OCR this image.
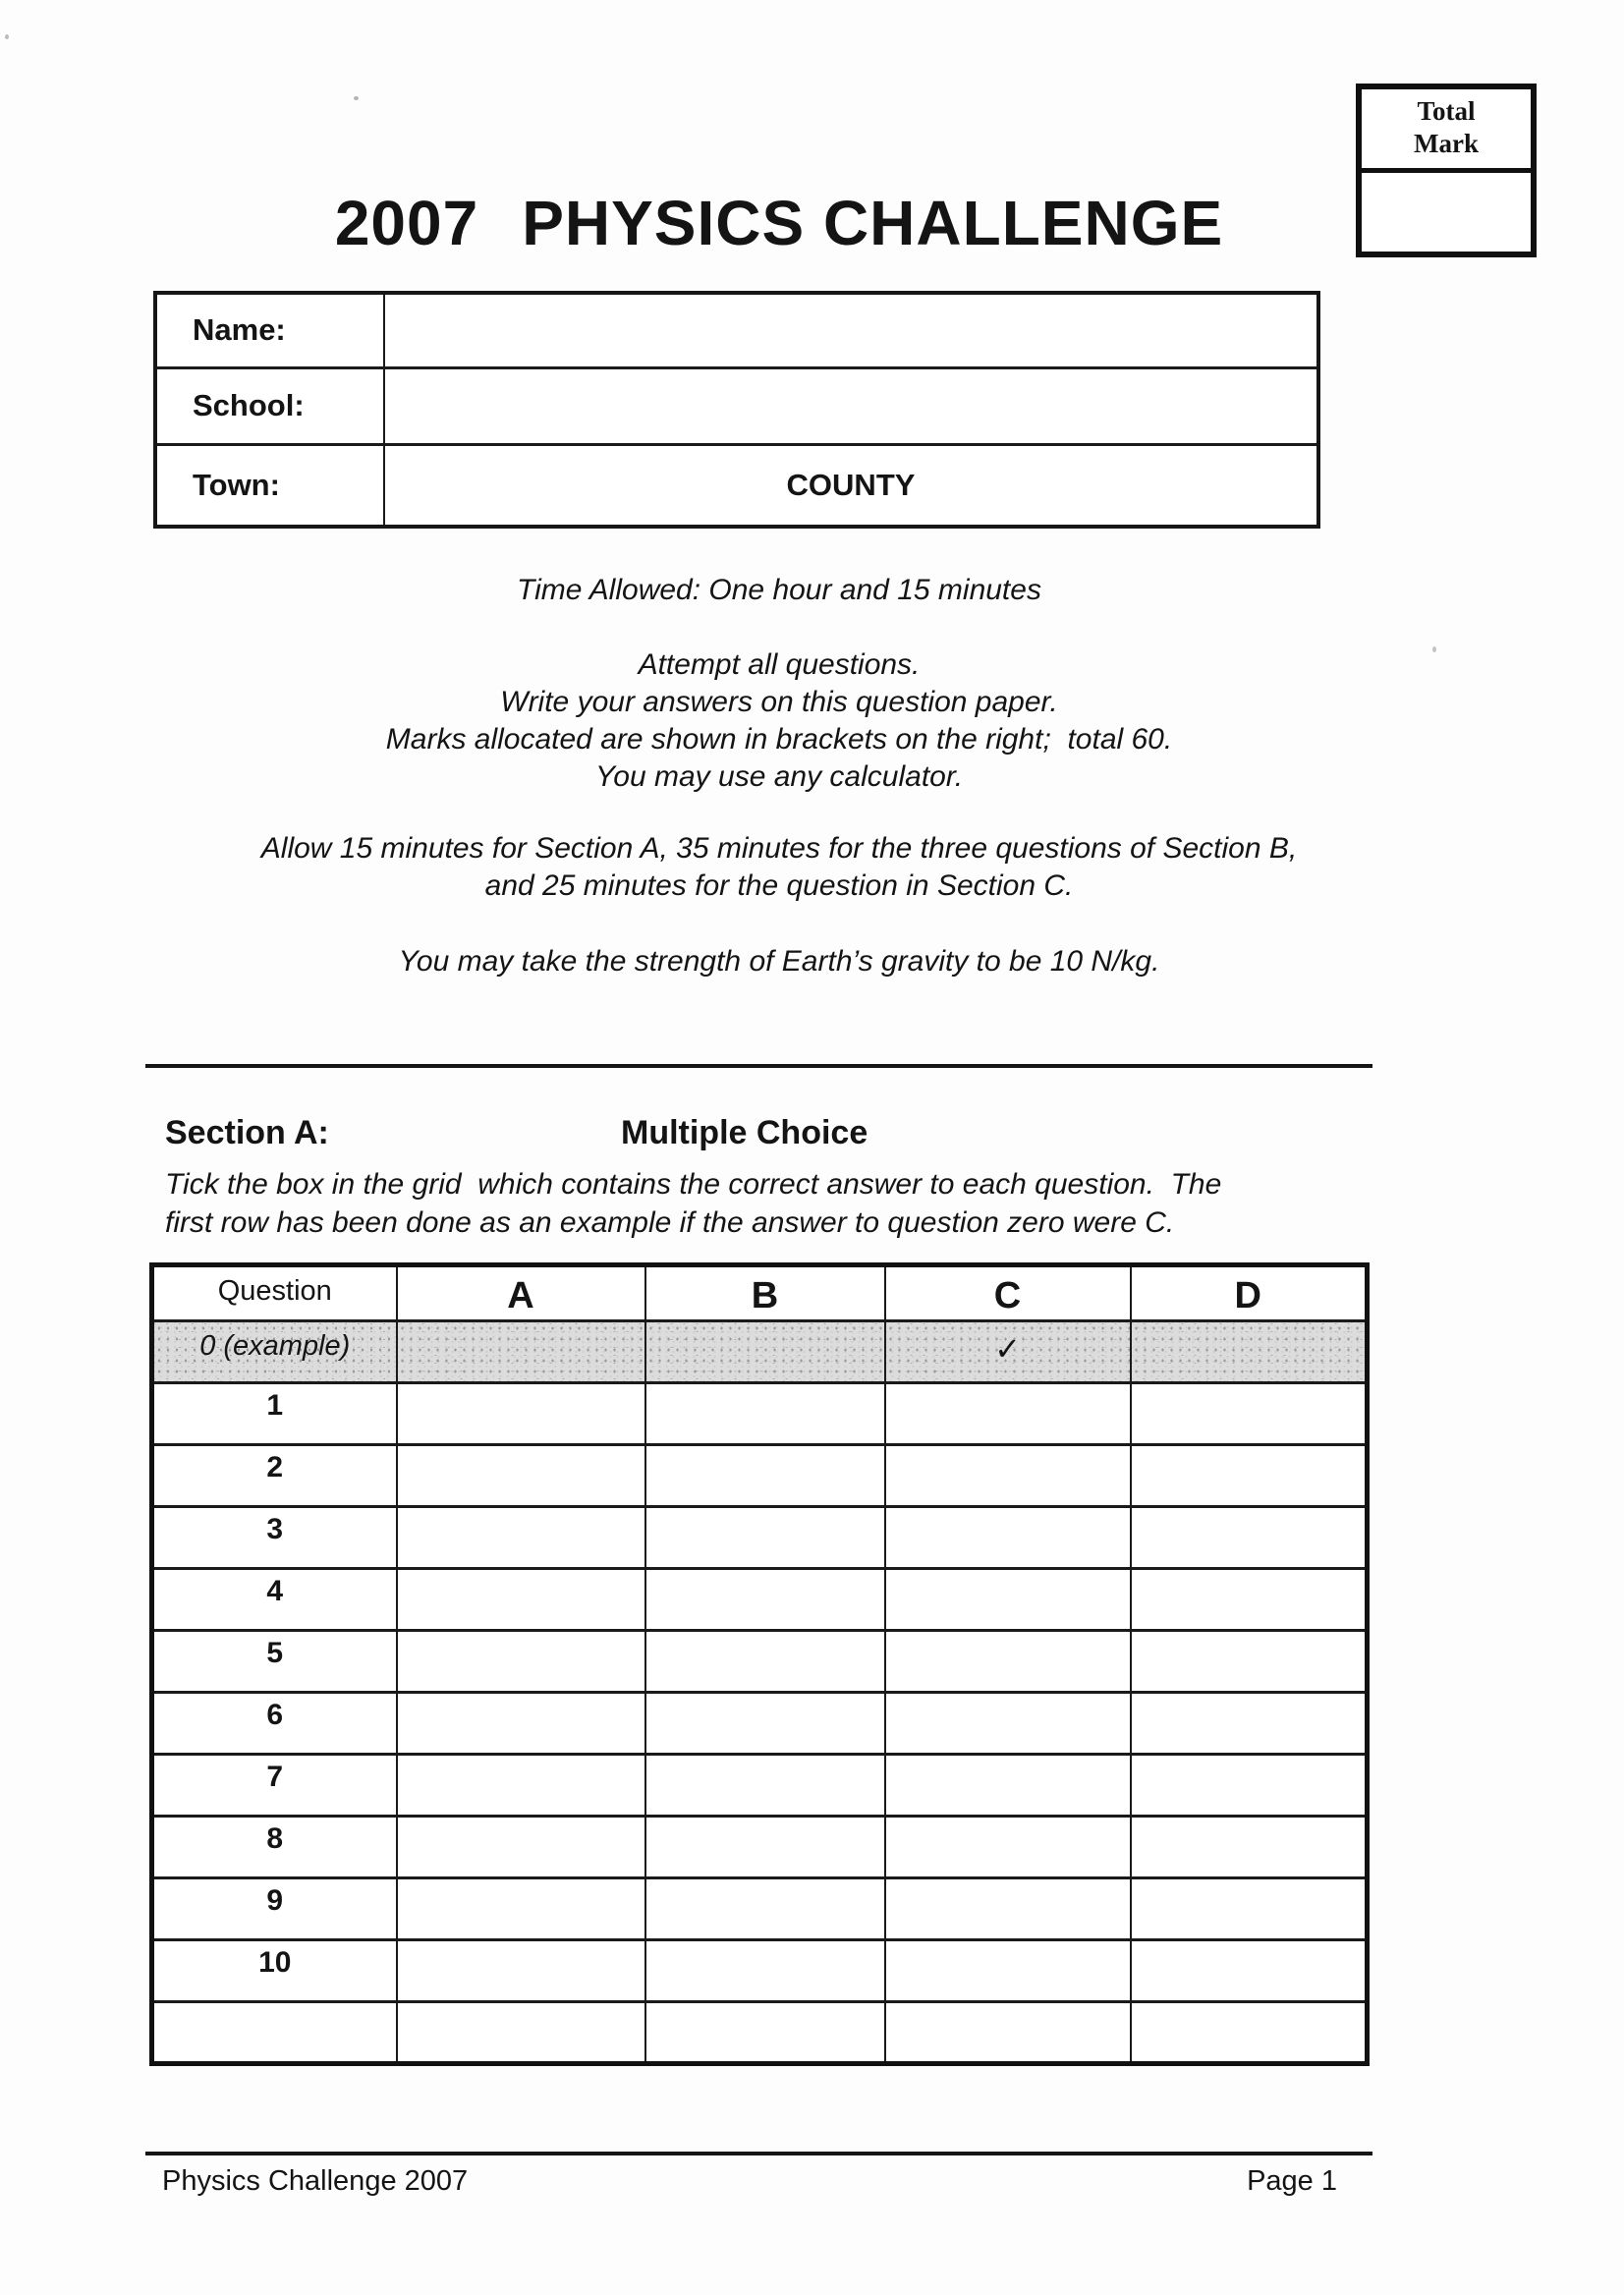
Total
Mark
2007 PHYSICS CHALLENGE
Name:	
School:	
Town:	COUNTY
Time Allowed: One hour and 15 minutes
Attempt all questions.
Write your answers on this question paper.
Marks allocated are shown in brackets on the right;  total 60.
You may use any calculator.
Allow 15 minutes for Section A, 35 minutes for the three questions of Section B,
and 25 minutes for the question in Section C.
You may take the strength of Earth’s gravity to be 10 N/kg.
Section A:	Multiple Choice
Tick the box in the grid  which contains the correct answer to each question.  The
first row has been done as an example if the answer to question zero were C.
Question	A	B	C	D
0 (example)			✓	
1				
2				
3				
4				
5				
6				
7				
8				
9				
10				

Physics Challenge 2007	Page 1
